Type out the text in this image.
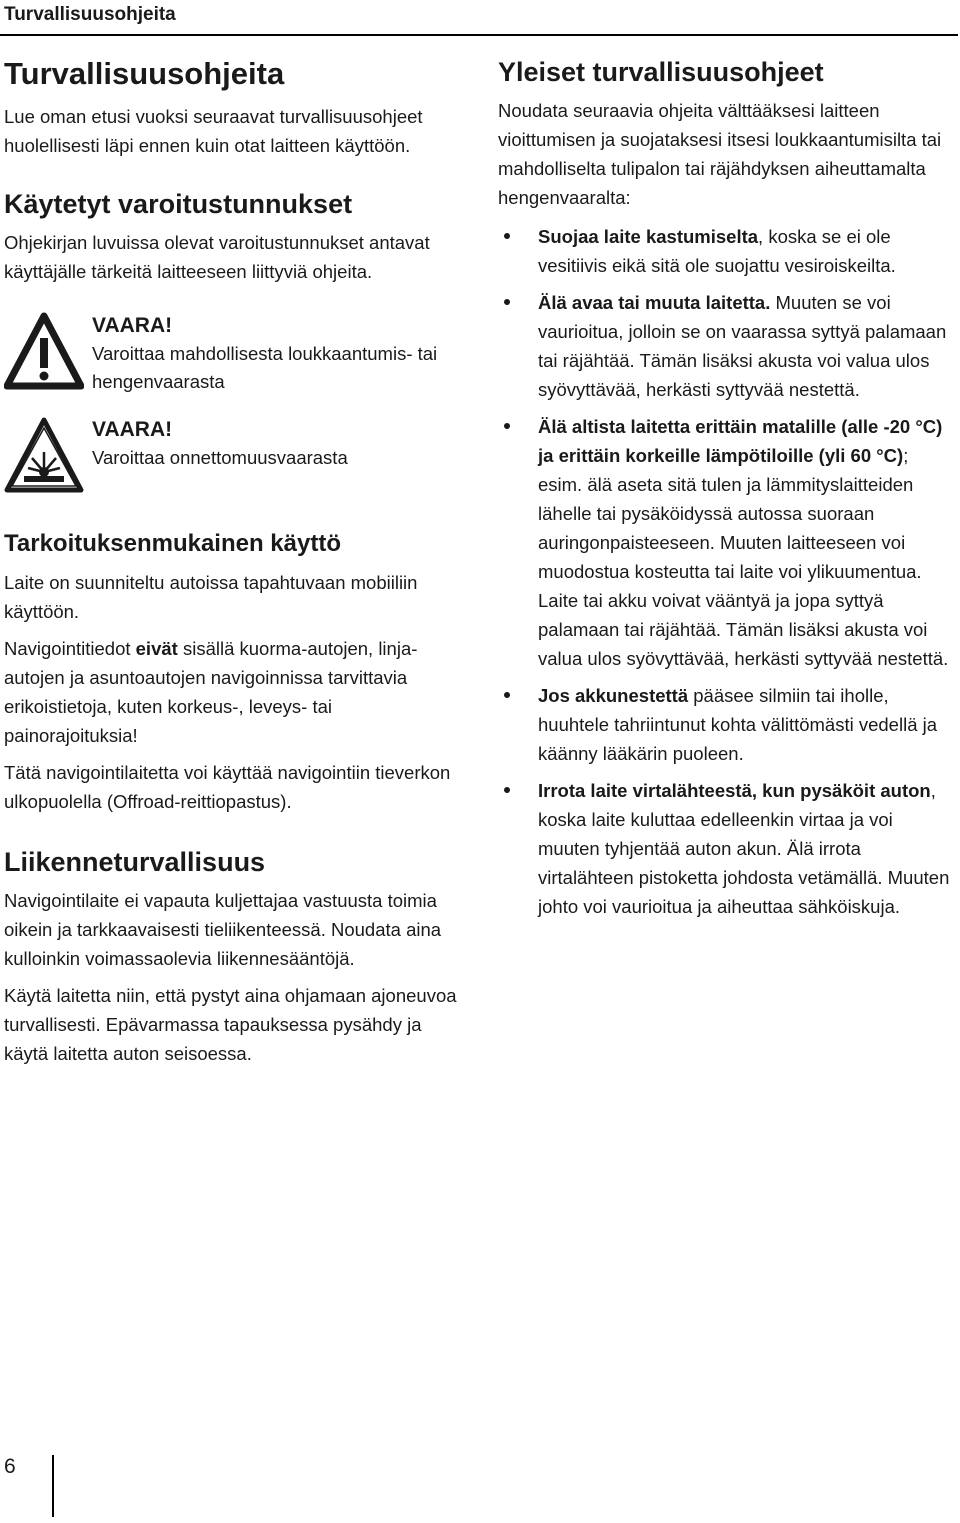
Turvallisuusohjeita
Turvallisuusohjeita

Lue oman etusi vuoksi seuraavat turvallisuusohjeet huolellisesti läpi ennen kuin otat laitteen käyttöön.

Käytetyt varoitustunnukset

Ohjekirjan luvuissa olevat varoitustunnukset antavat käyttäjälle tärkeitä laitteeseen liittyviä ohjeita.

VAARA!
Varoittaa mahdollisesta loukkaantumis- tai hengenvaarasta
VAARA!
Varoittaa onnettomuusvaarasta
Tarkoituksenmukainen käyttö

Laite on suunniteltu autoissa tapahtuvaan mobiiliin käyttöön.

Navigointitiedot eivät sisällä kuorma-autojen, linja-autojen ja asuntoautojen navigoinnissa tarvittavia erikoistietoja, kuten korkeus-, leveys- tai painorajoituksia!

Tätä navigointilaitetta voi käyttää navigointiin tieverkon ulkopuolella (Offroad-reittiopastus).

Liikenneturvallisuus

Navigointilaite ei vapauta kuljettajaa vastuusta toimia oikein ja tarkkaavaisesti tieliikenteessä. Noudata aina kulloinkin voimassaolevia liikennesääntöjä.

Käytä laitetta niin, että pystyt aina ohjamaan ajoneuvoa turvallisesti. Epävarmassa tapauksessa pysähdy ja käytä laitetta auton seisoessa.

Yleiset turvallisuusohjeet

Noudata seuraavia ohjeita välttääksesi laitteen vioittumisen ja suojataksesi itsesi loukkaantumisilta tai mahdolliselta tulipalon tai räjähdyksen aiheuttamalta hengenvaaralta:

Suojaa laite kastumiselta, koska se ei ole vesitiivis eikä sitä ole suojattu vesiroiskeilta.
Älä avaa tai muuta laitetta. Muuten se voi vaurioitua, jolloin se on vaarassa syttyä palamaan tai räjähtää. Tämän lisäksi akusta voi valua ulos syövyttävää, herkästi syttyvää nestettä.
Älä altista laitetta erittäin matalille (alle -20 °C) ja erittäin korkeille lämpötiloille (yli 60 °C); esim. älä aseta sitä tulen ja lämmityslaitteiden lähelle tai pysäköidyssä autossa suoraan auringonpaisteeseen. Muuten laitteeseen voi muodostua kosteutta tai laite voi ylikuumentua. Laite tai akku voivat vääntyä ja jopa syttyä palamaan tai räjähtää. Tämän lisäksi akusta voi valua ulos syövyttävää, herkästi syttyvää nestettä.
Jos akkunestettä pääsee silmiin tai iholle, huuhtele tahriintunut kohta välittömästi vedellä ja käänny lääkärin puoleen.
Irrota laite virtalähteestä, kun pysäköit auton, koska laite kuluttaa edelleenkin virtaa ja voi muuten tyhjentää auton akun. Älä irrota virtalähteen pistoketta johdosta vetämällä. Muuten johto voi vaurioitua ja aiheuttaa sähköiskuja.
6
